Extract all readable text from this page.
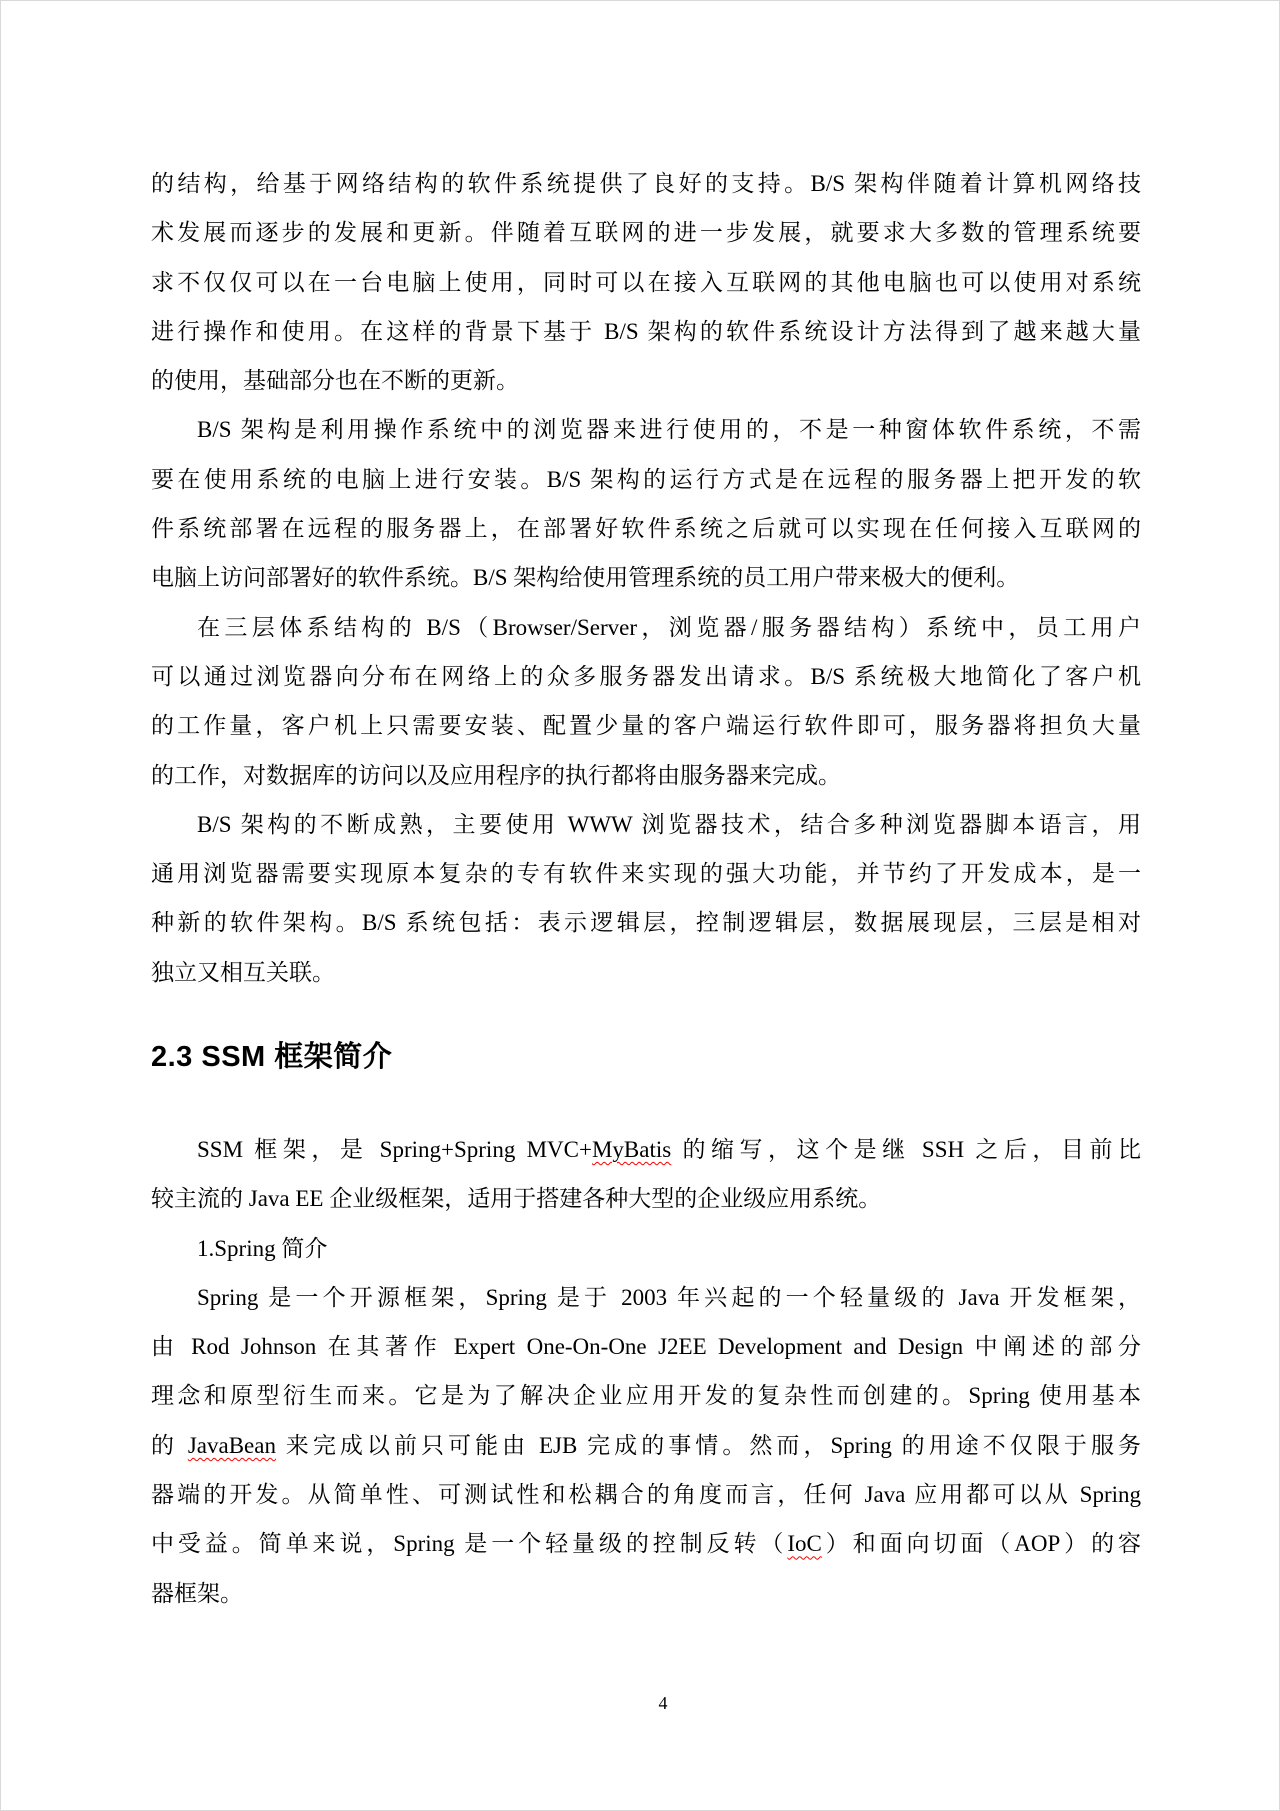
的结构，给基于网络结构的软件系统提供了良好的支持。B/S 架构伴随着计算机网络技
术发展而逐步的发展和更新。伴随着互联网的进一步发展，就要求大多数的管理系统要
求不仅仅可以在一台电脑上使用，同时可以在接入互联网的其他电脑也可以使用对系统
进行操作和使用。在这样的背景下基于 B/S 架构的软件系统设计方法得到了越来越大量
的使用，基础部分也在不断的更新。
B/S 架构是利用操作系统中的浏览器来进行使用的，不是一种窗体软件系统，不需
要在使用系统的电脑上进行安装。B/S 架构的运行方式是在远程的服务器上把开发的软
件系统部署在远程的服务器上，在部署好软件系统之后就可以实现在任何接入互联网的
电脑上访问部署好的软件系统。B/S 架构给使用管理系统的员工用户带来极大的便利。
在三层体系结构的 B/S（Browser/Server，浏览器/服务器结构）系统中，员工用户
可以通过浏览器向分布在网络上的众多服务器发出请求。B/S 系统极大地简化了客户机
的工作量，客户机上只需要安装、配置少量的客户端运行软件即可，服务器将担负大量
的工作，对数据库的访问以及应用程序的执行都将由服务器来完成。
B/S 架构的不断成熟，主要使用 WWW 浏览器技术，结合多种浏览器脚本语言，用
通用浏览器需要实现原本复杂的专有软件来实现的强大功能，并节约了开发成本，是一
种新的软件架构。B/S 系统包括：表示逻辑层，控制逻辑层，数据展现层，三层是相对
独立又相互关联。
2.3 SSM 框架简介
SSM 框架，是 Spring+Spring MVC+MyBatis 的缩写，这个是继 SSH 之后，目前比
较主流的 Java EE 企业级框架，适用于搭建各种大型的企业级应用系统。
1.Spring 简介
Spring 是一个开源框架，Spring 是于 2003 年兴起的一个轻量级的 Java 开发框架，
由 Rod Johnson 在其著作 Expert One-On-One J2EE Development and Design 中阐述的部分
理念和原型衍生而来。它是为了解决企业应用开发的复杂性而创建的。Spring 使用基本
的 JavaBean 来完成以前只可能由 EJB 完成的事情。然而，Spring 的用途不仅限于服务
器端的开发。从简单性、可测试性和松耦合的角度而言，任何 Java 应用都可以从 Spring
中受益。简单来说，Spring 是一个轻量级的控制反转（IoC）和面向切面（AOP）的容
器框架。
4
